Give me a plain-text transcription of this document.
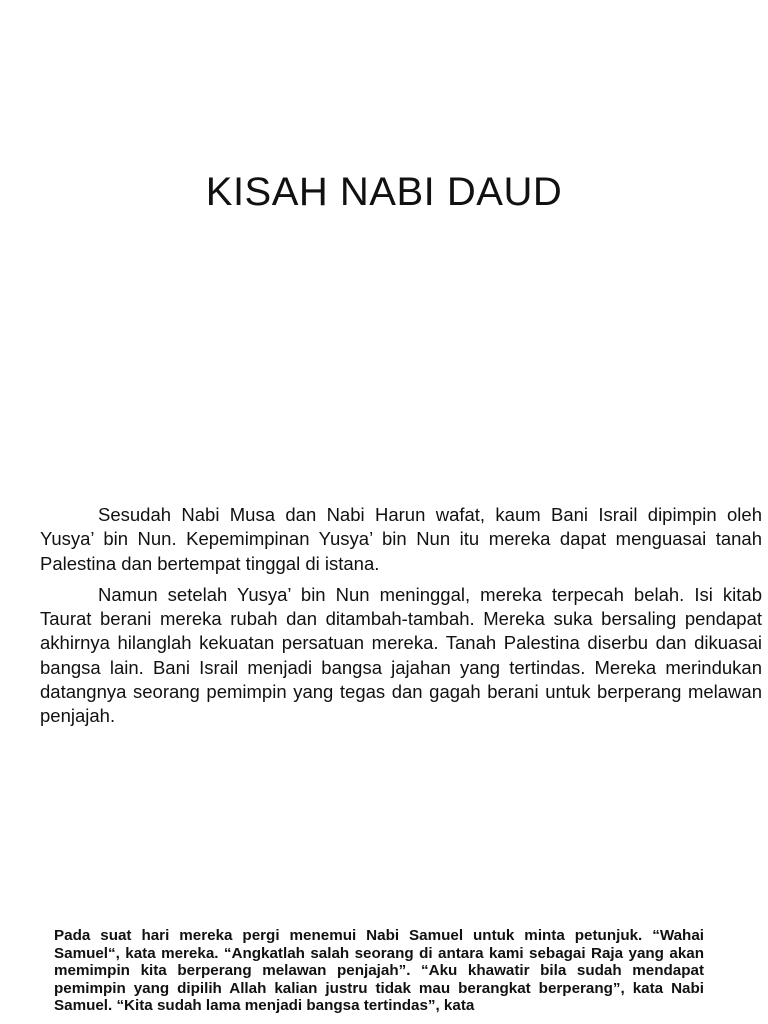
KISAH NABI DAUD

Sesudah Nabi Musa dan Nabi Harun wafat, kaum Bani Israil dipimpin oleh Yusya’ bin Nun. Kepemimpinan Yusya’ bin Nun itu mereka dapat menguasai tanah Palestina dan bertempat tinggal di istana.

Namun setelah Yusya’ bin Nun meninggal, mereka terpecah belah. Isi kitab Taurat berani mereka rubah dan ditambah-tambah. Mereka suka bersaling pendapat akhirnya hilanglah kekuatan persatuan mereka. Tanah Palestina diserbu dan dikuasai bangsa lain. Bani Israil menjadi bangsa jajahan yang tertindas. Mereka merindukan datangnya seorang pemimpin yang tegas dan gagah berani untuk berperang melawan penjajah.

Pada suat hari mereka pergi menemui Nabi Samuel untuk minta petunjuk. “Wahai Samuel“, kata mereka. “Angkatlah salah seorang di antara kami sebagai Raja yang akan memimpin kita berperang melawan penjajah”. “Aku khawatir bila sudah mendapat pemimpin yang dipilih Allah kalian justru tidak mau berangkat berperang”, kata Nabi Samuel. “Kita sudah lama menjadi bangsa tertindas”, kata
